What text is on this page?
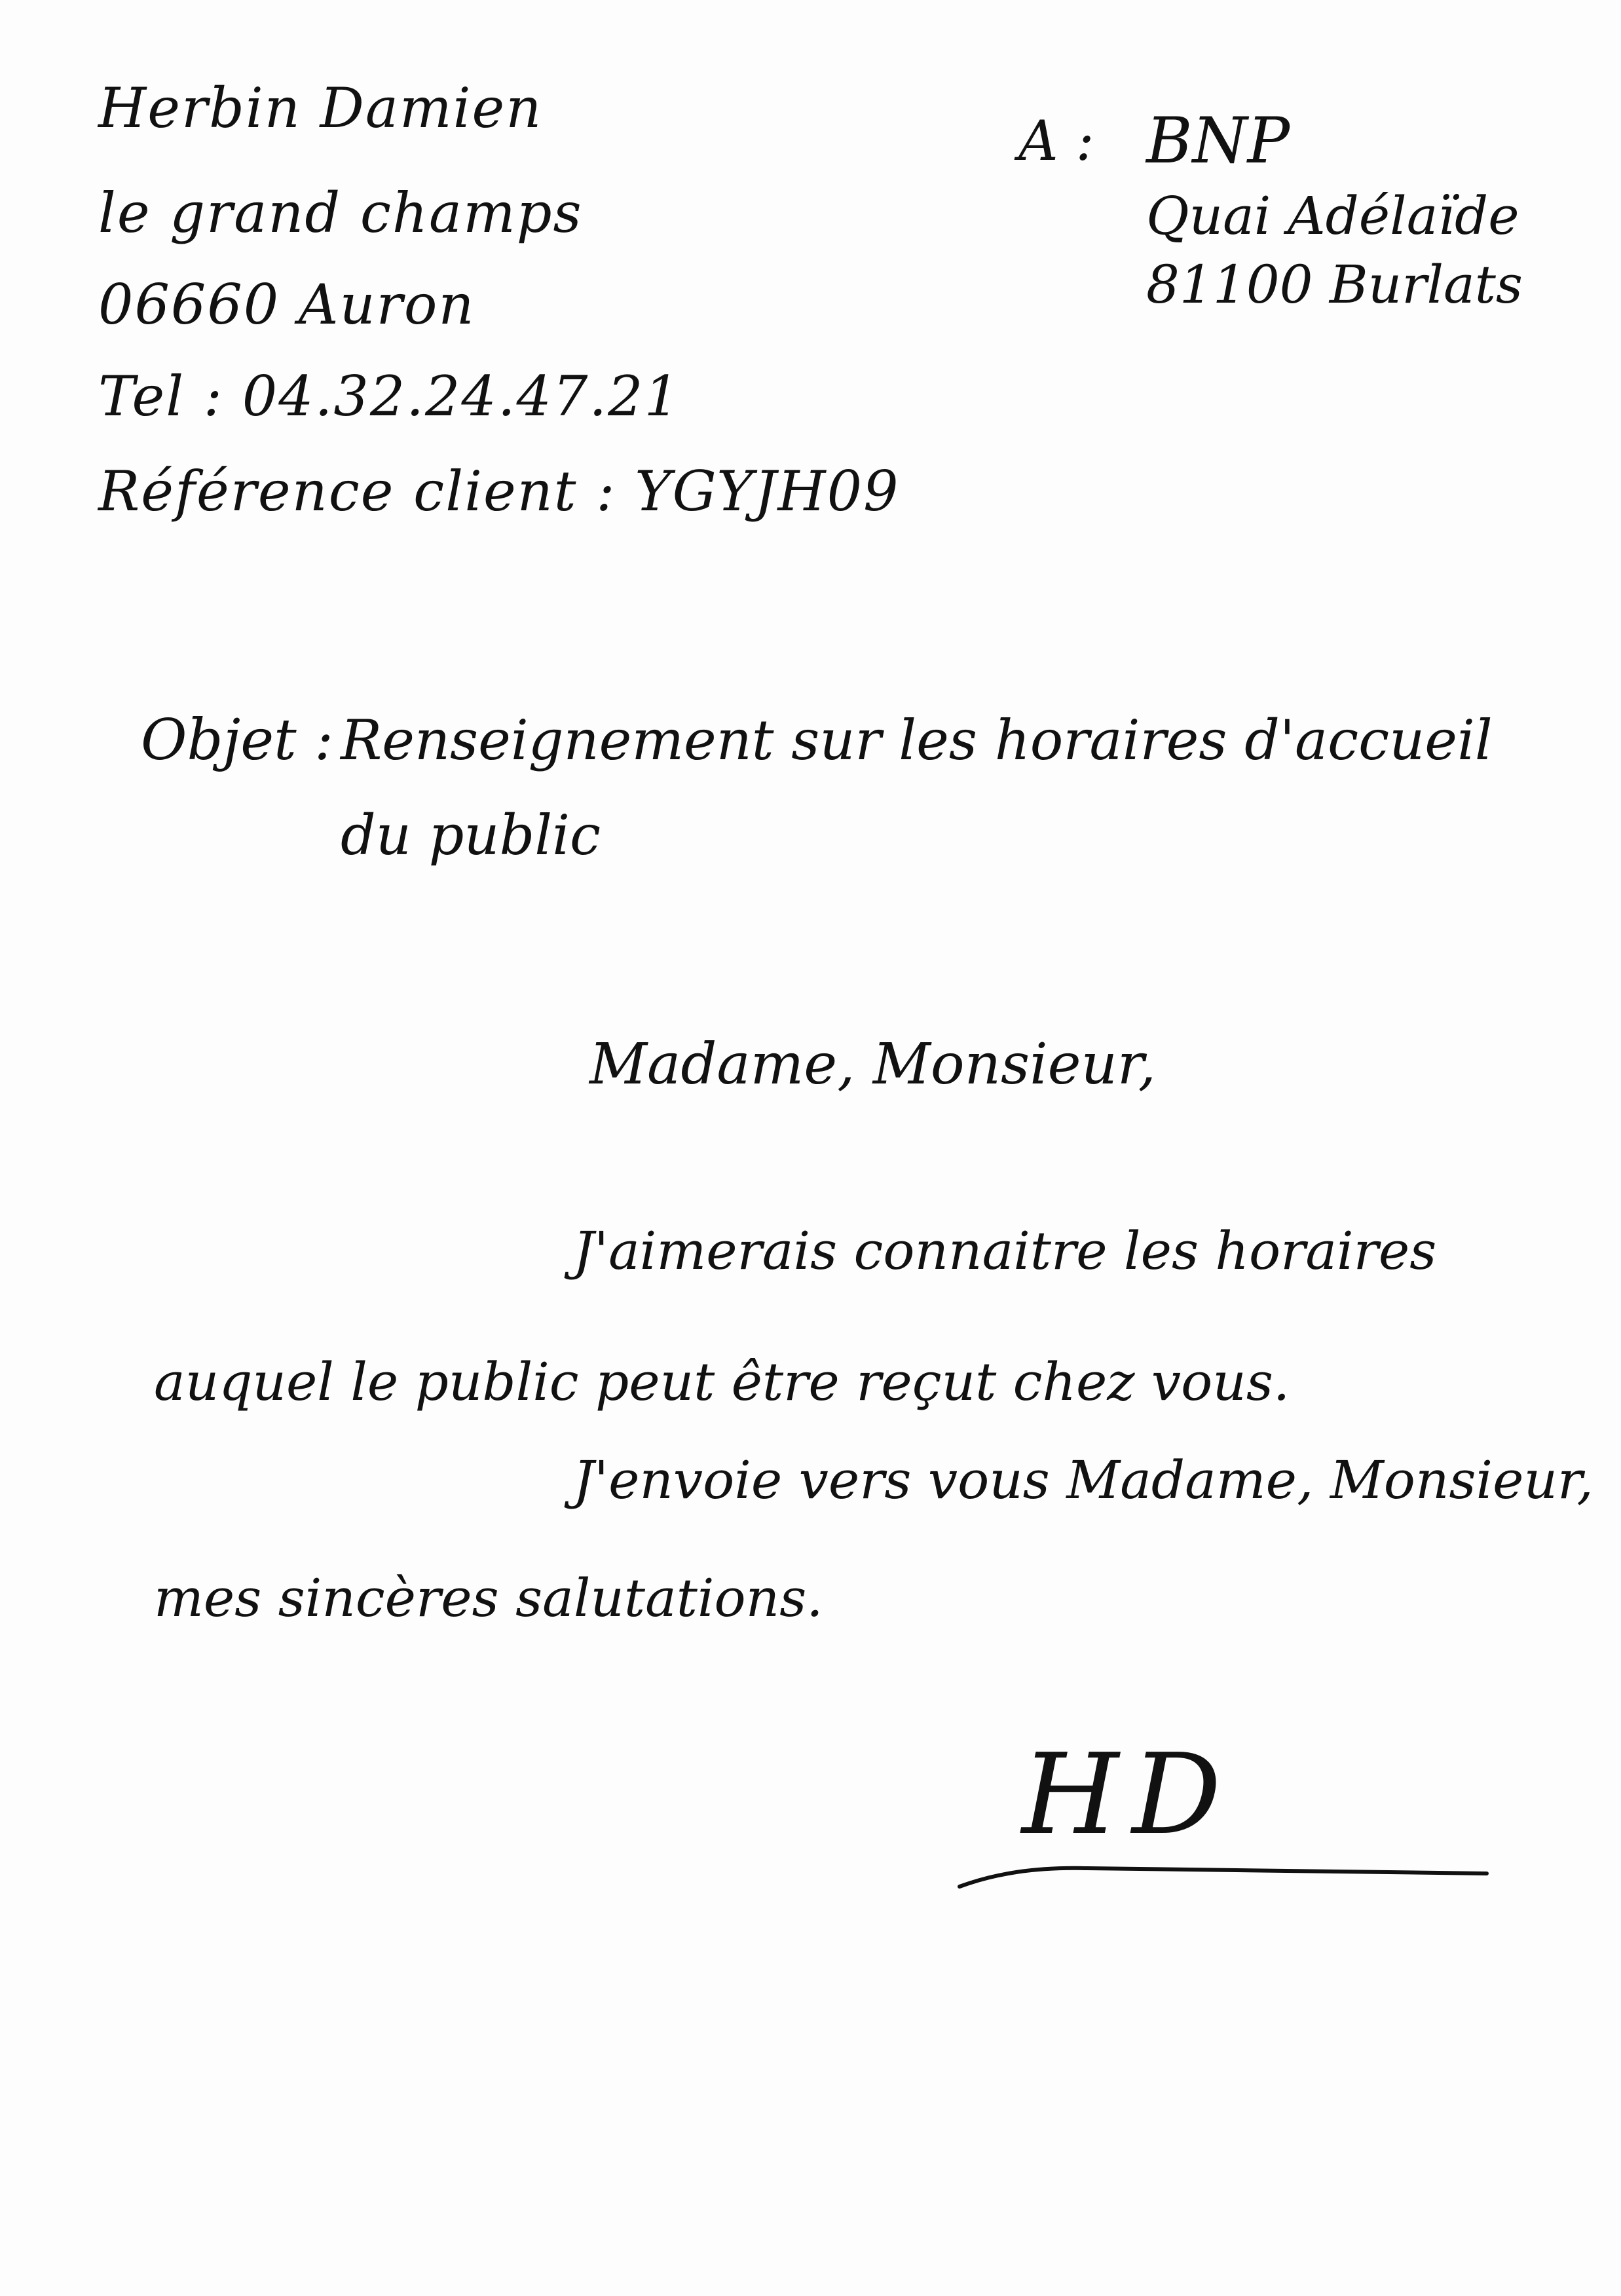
Herbin Damien
le grand champs
06660 Auron
Tel : 04.32.24.47.21
Référence client : YGYJH09
A : BNP
Quai Adélaïde
81100 Burlats
Objet : Renseignement sur les horaires d'accueil
du public
Madame, Monsieur,
J'aimerais connaitre les horaires
auquel le public peut être reçut chez vous.
J'envoie vers vous Madame, Monsieur,
mes sincères salutations.
HD
